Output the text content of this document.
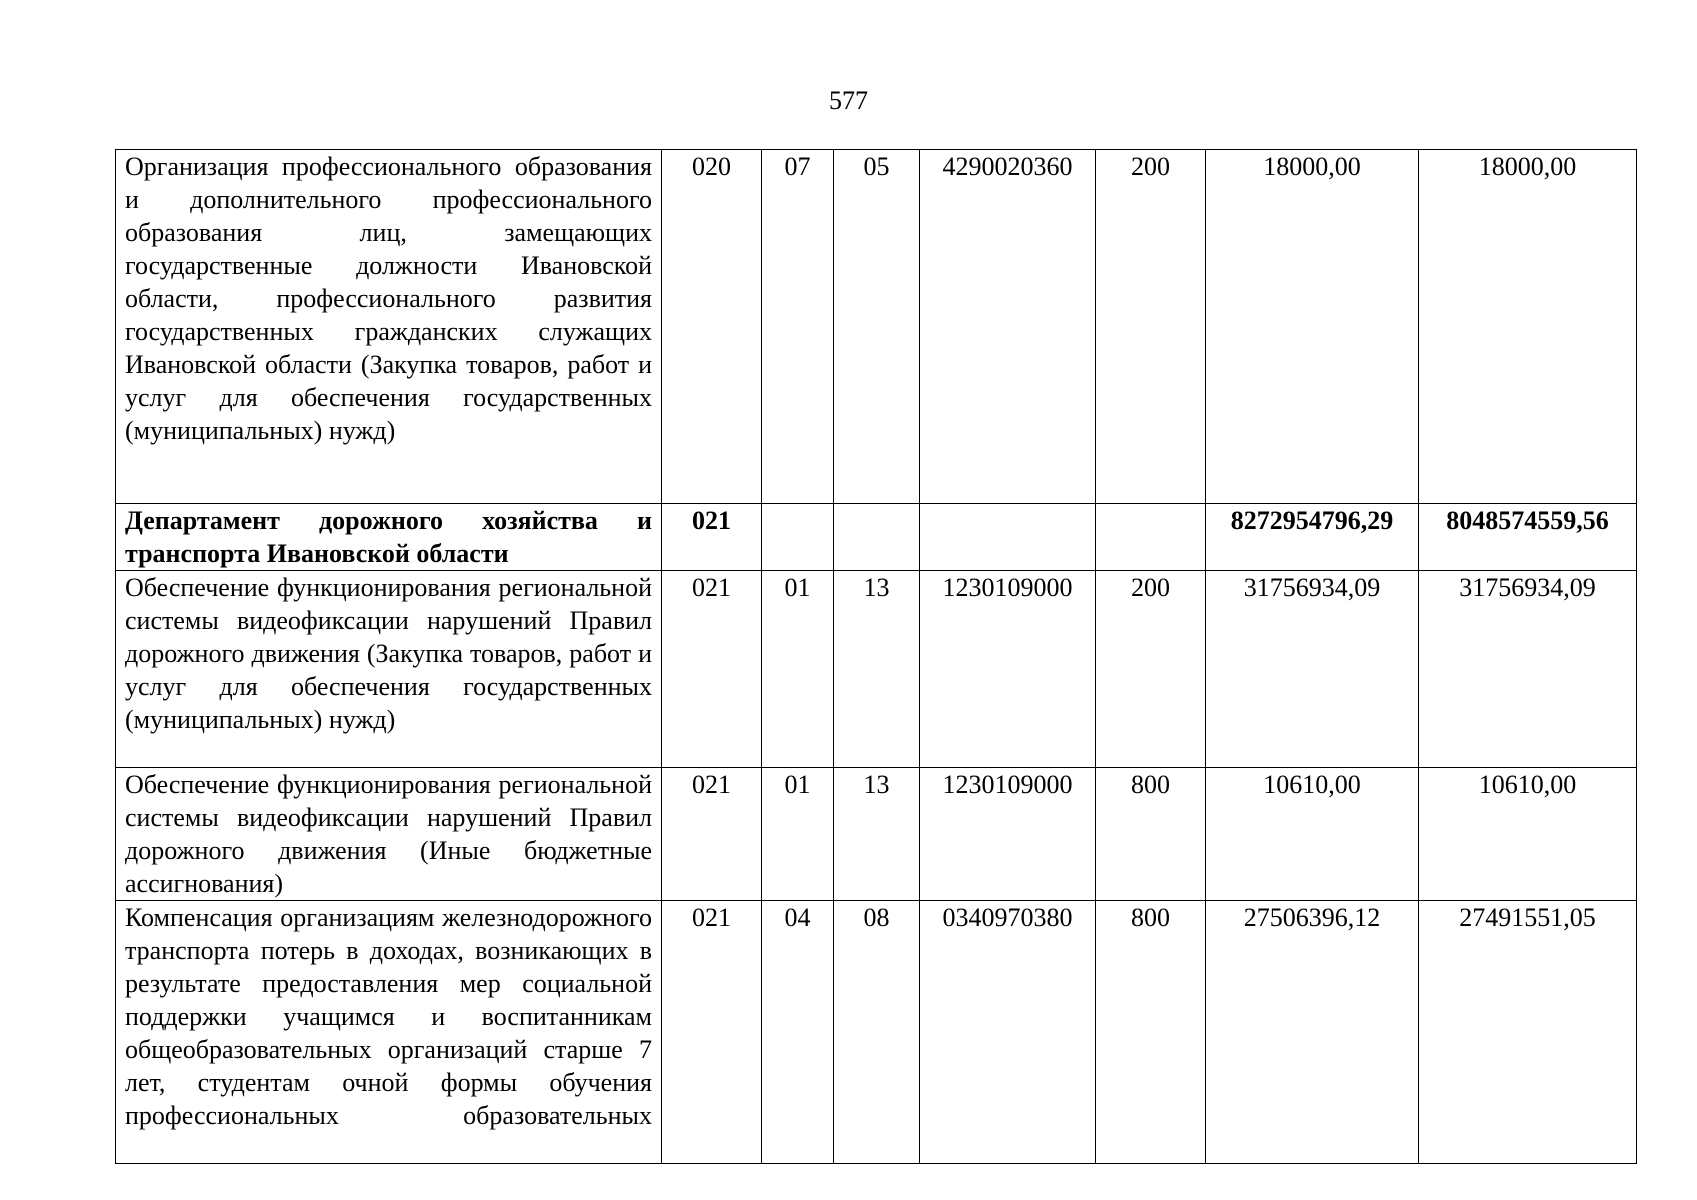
577
Организация профессионального образования и дополнительного профессионального образования лиц, замещающих государственные должности Ивановской области, профессионального развития государственных гражданских служащих Ивановской области (Закупка товаров, работ и услуг для обеспечения государственных (муниципальных) нужд)	020	07	05	4290020360	200	18000,00	18000,00
Департамент дорожного хозяйства и транспорта Ивановской области	021					8272954796,29	8048574559,56
Обеспечение функционирования региональной системы видеофиксации нарушений Правил дорожного движения (Закупка товаров, работ и услуг для обеспечения государственных (муниципальных) нужд)	021	01	13	1230109000	200	31756934,09	31756934,09
Обеспечение функционирования региональной системы видеофиксации нарушений Правил дорожного движения (Иные бюджетные ассигнования)	021	01	13	1230109000	800	10610,00	10610,00
Компенсация организациям железнодорожного транспорта потерь в доходах, возникающих в результате предоставления мер социальной поддержки учащимся и воспитанникам общеобразовательных организаций старше 7 лет, студентам очной формы обучения профессиональных образовательных	021	04	08	0340970380	800	27506396,12	27491551,05
